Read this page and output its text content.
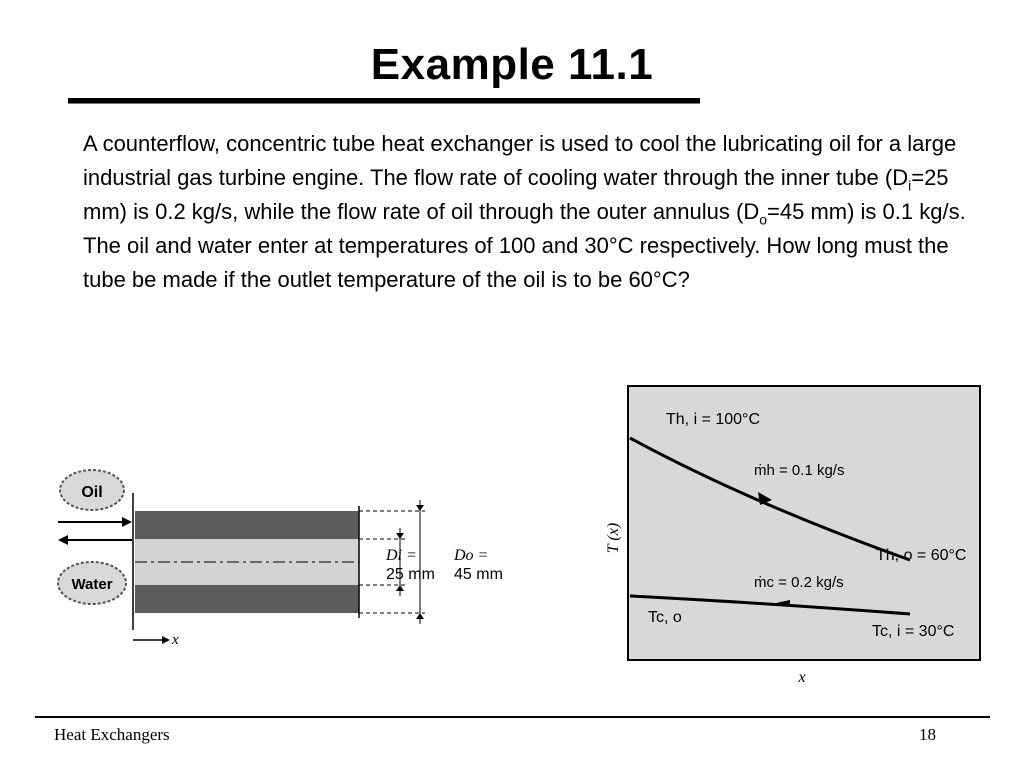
Example 11.1

A counterflow, concentric tube heat exchanger is used to cool the lubricating oil for a large industrial gas turbine engine. The flow rate of cooling water through the inner tube ($D_i=25$ mm) is 0.2 kg/s, while the flow rate of oil through the outer annulus ($D_o=45$ mm) is 0.1 kg/s. The oil and water enter at temperatures of 100 and 30°C respectively. How long must the tube be made if the outlet temperature of the oil is to be 60°C?

Oil
Water
Di =
25 mm
Do =
45 mm
x
Th, i = 100°C
ṁh = 0.1 kg/s
Th, o = 60°C
ṁc = 0.2 kg/s
Tc, o
Tc, i = 30°C
T (x)
x
Heat Exchangers	18
